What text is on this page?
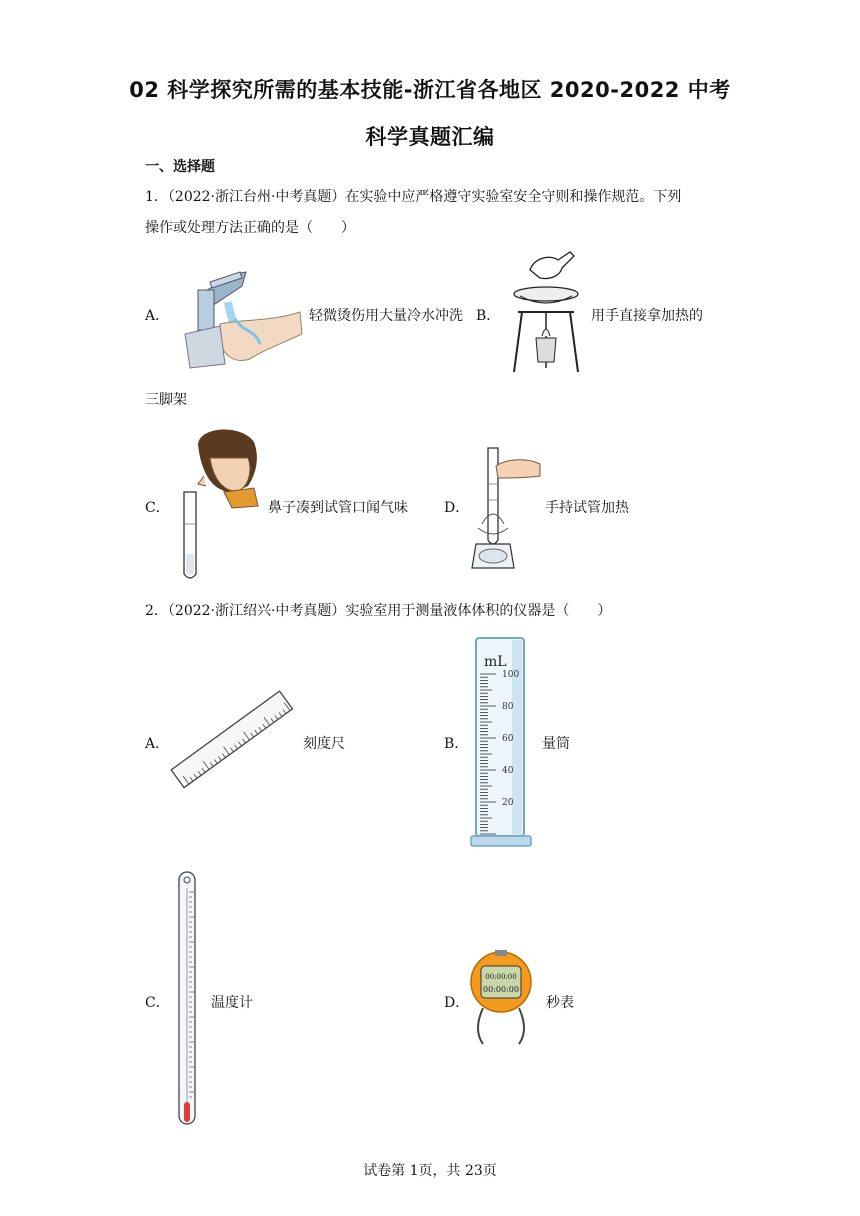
02 科学探究所需的基本技能-浙江省各地区 2020-2022 中考
科学真题汇编
一、选择题
1．（2022·浙江台州·中考真题）在实验中应严格遵守实验室安全守则和操作规范。下列
操作或处理方法正确的是（　　）
A．	轻微烫伤用大量冷水冲洗 B．	用手直接拿加热的
三脚架
C．	鼻子凑到试管口闻气味	D．	手持试管加热
2．（2022·浙江绍兴·中考真题）实验室用于测量液体体积的仪器是（　　）
A．	刻度尺	B．
mL
100
80
60
40
20
量筒
C．	温度计	D．
00:00:00
00:00:00
秒表
试卷第 1页，共 23页
